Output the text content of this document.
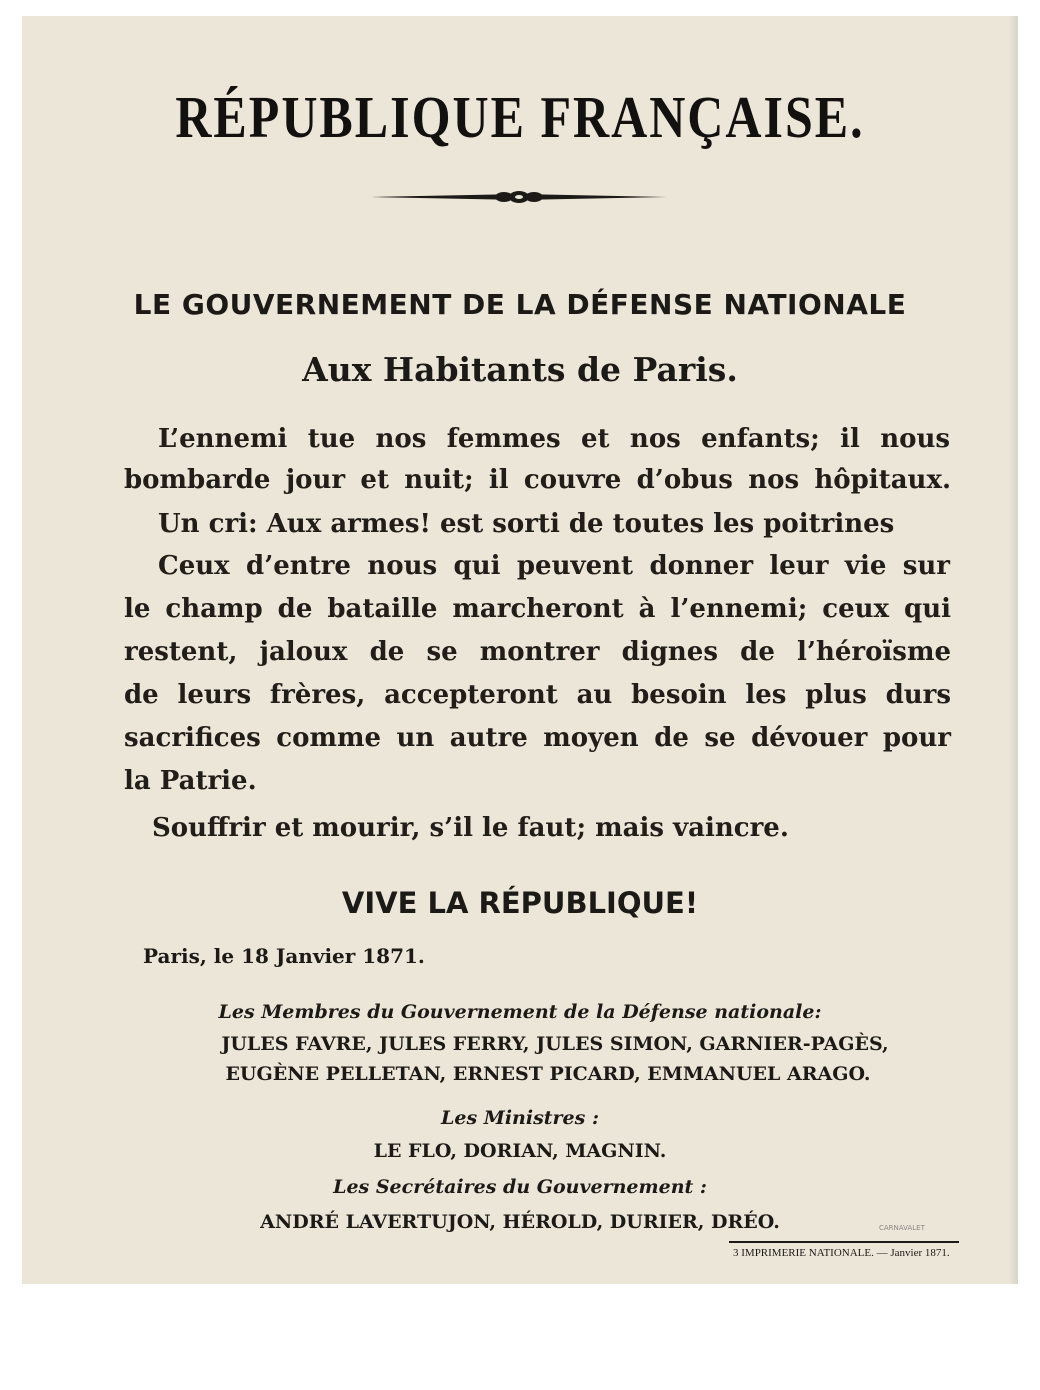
RÉPUBLIQUE FRANÇAISE.
LE GOUVERNEMENT DE LA DÉFENSE NATIONALE
Aux Habitants de Paris.
L’ennemi tue nos femmes et nos enfants; il nous
bombarde jour et nuit; il couvre d’obus nos hôpitaux.
Un cri: Aux armes! est sorti de toutes les poitrines
Ceux d’entre nous qui peuvent donner leur vie sur
le champ de bataille marcheront à l’ennemi; ceux qui
restent, jaloux de se montrer dignes de l’héroïsme
de leurs frères, accepteront au besoin les plus durs
sacrifices comme un autre moyen de se dévouer pour
la Patrie.
Souffrir et mourir, s’il le faut; mais vaincre.
VIVE LA RÉPUBLIQUE!
Paris, le 18 Janvier 1871.
Les Membres du Gouvernement de la Défense nationale:
JULES FAVRE, JULES FERRY, JULES SIMON, GARNIER-PAGÈS,
EUGÈNE PELLETAN, ERNEST PICARD, EMMANUEL ARAGO.
Les Ministres :
LE FLO, DORIAN, MAGNIN.
Les Secrétaires du Gouvernement :
ANDRÉ LAVERTUJON, HÉROLD, DURIER, DRÉO.	CARNAVALET
3 IMPRIMERIE NATIONALE. — Janvier 1871.
